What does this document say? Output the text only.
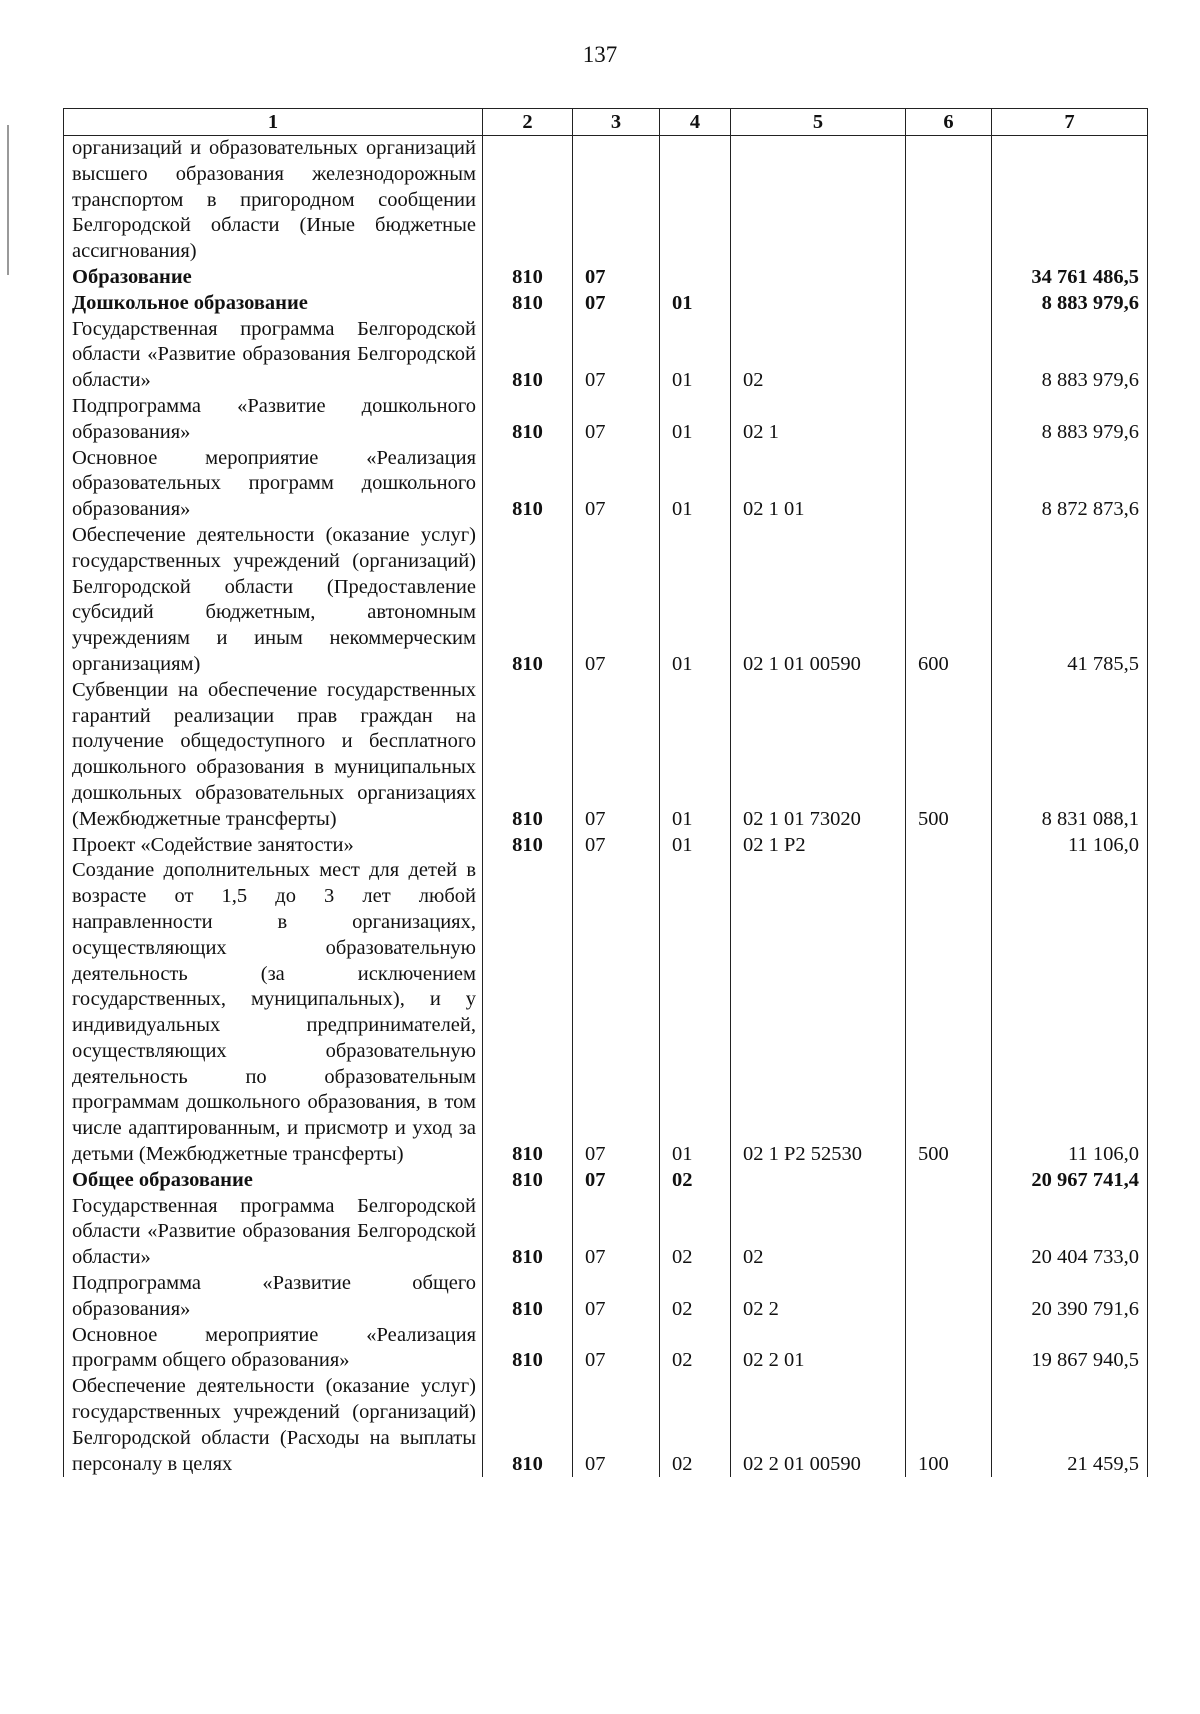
137
1	2	3	4	5	6	7
организаций и образовательных организаций высшего образования железнодорожным транспортом в пригородном сообщении Белгородской области (Иные бюджетные ассигнования)						
Образование	810	07				34 761 486,5
Дошкольное образование	810	07	01			8 883 979,6
Государственная программа Белгородской области «Развитие образования Белгородской области»	810	07	01	02		8 883 979,6
Подпрограмма «Развитие дошкольного образования»	810	07	01	02 1		8 883 979,6
Основное мероприятие «Реализация образовательных программ дошкольного образования»	810	07	01	02 1 01		8 872 873,6
Обеспечение деятельности (оказание услуг) государственных учреждений (организаций) Белгородской области (Предоставление субсидий бюджетным, автономным учреждениям и иным некоммерческим организациям)	810	07	01	02 1 01 00590	600	41 785,5
Субвенции на обеспечение государственных гарантий реализации прав граждан на получение общедоступного и бесплатного дошкольного образования в муниципальных дошкольных образовательных организациях (Межбюджетные трансферты)	810	07	01	02 1 01 73020	500	8 831 088,1
Проект «Содействие занятости»	810	07	01	02 1 Р2		11 106,0
Создание дополнительных мест для детей в возрасте от 1,5 до 3 лет любой направленности в организациях, осуществляющих образовательную деятельность (за исключением государственных, муниципальных), и у индивидуальных предпринимателей, осуществляющих образовательную деятельность по образовательным программам дошкольного образования, в том числе адаптированным, и присмотр и уход за детьми (Межбюджетные трансферты)	810	07	01	02 1 Р2 52530	500	11 106,0
Общее образование	810	07	02			20 967 741,4
Государственная программа Белгородской области «Развитие образования Белгородской области»	810	07	02	02		20 404 733,0
Подпрограмма «Развитие общего образования»	810	07	02	02 2		20 390 791,6
Основное мероприятие «Реализация программ общего образования»	810	07	02	02 2 01		19 867 940,5
Обеспечение деятельности (оказание услуг) государственных учреждений (организаций) Белгородской области (Расходы на выплаты персоналу в целях	810	07	02	02 2 01 00590	100	21 459,5
